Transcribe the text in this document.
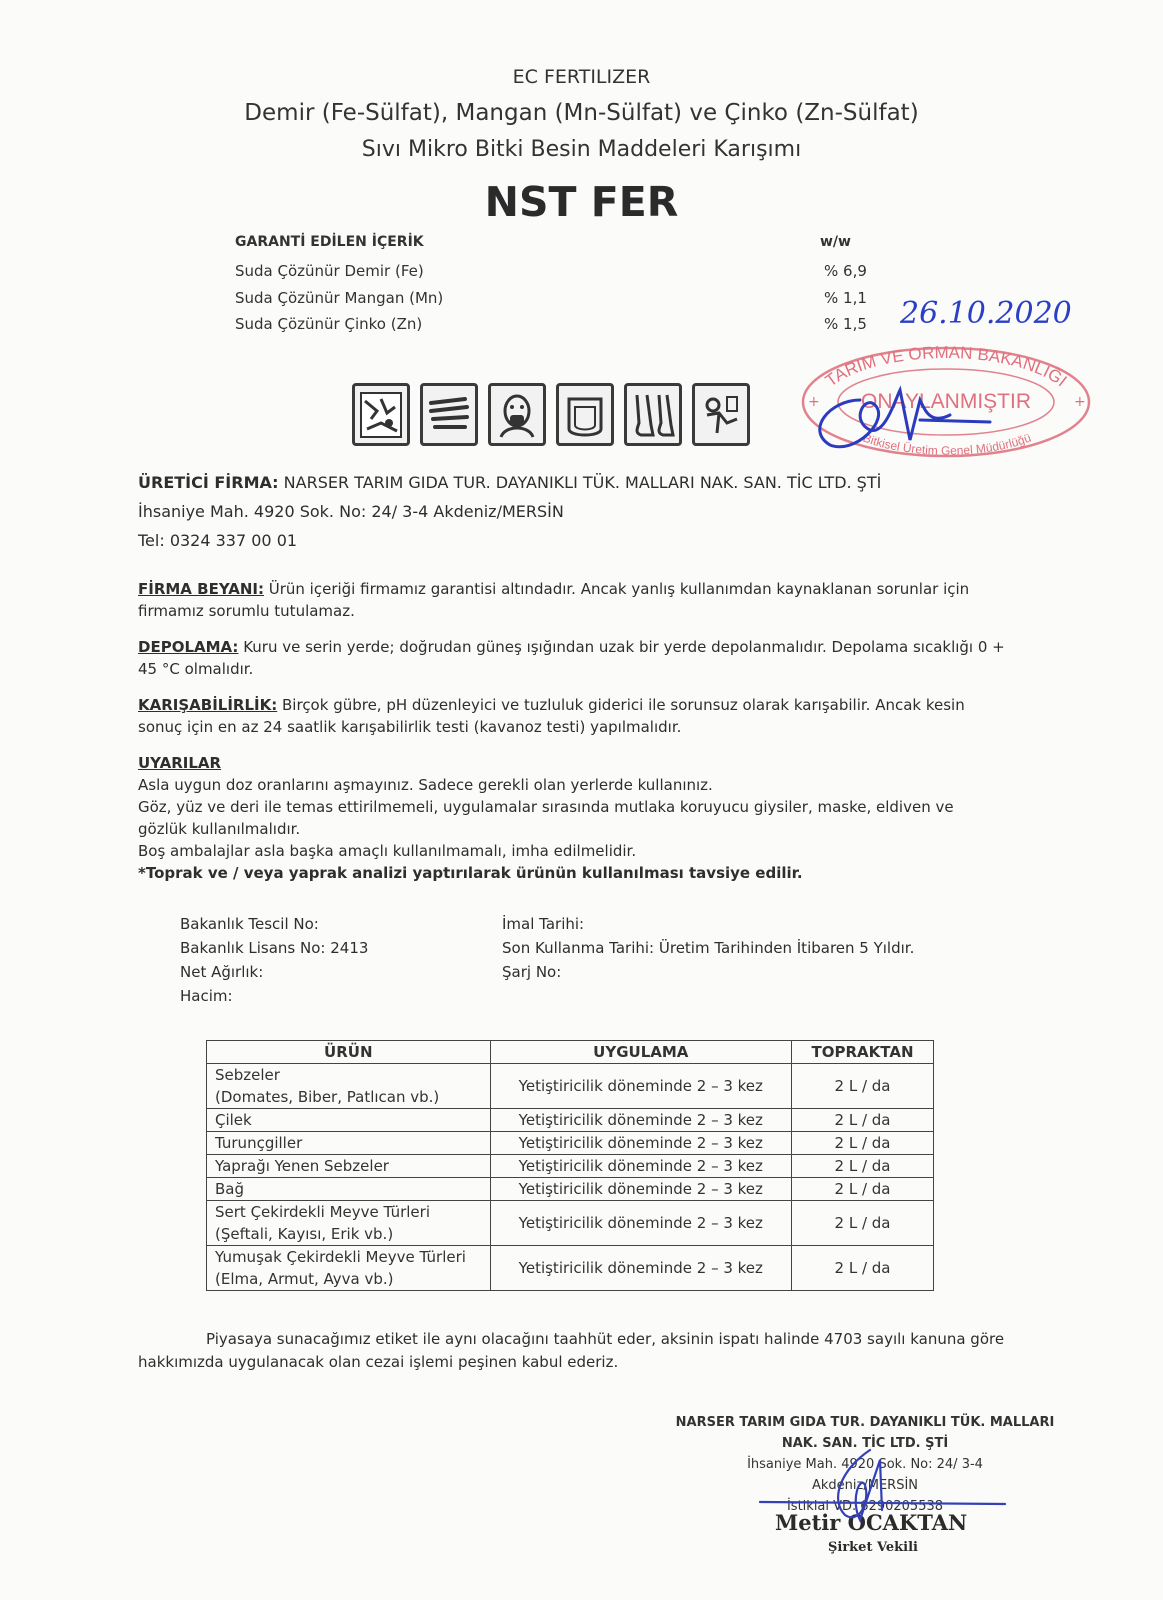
EC FERTILIZER
Demir (Fe-Sülfat), Mangan (Mn-Sülfat) ve Çinko (Zn-Sülfat)
Sıvı Mikro Bitki Besin Maddeleri Karışımı
NST FER
GARANTİ EDİLEN İÇERİK	w/w
Suda Çözünür Demir (Fe)	% 6,9
Suda Çözünür Mangan (Mn)	% 1,1
Suda Çözünür Çinko (Zn)	% 1,5 26.10.2020
TARIM VE ORMAN BAKANLIĞI
ONAYLANMIŞTIR
Bitkisel Üretim Genel Müdürlüğü
+	+
ÜRETİCİ FİRMA: NARSER TARIM GIDA TUR. DAYANIKLI TÜK. MALLARI NAK. SAN. TİC LTD. ŞTİ
İhsaniye Mah. 4920 Sok. No: 24/ 3-4 Akdeniz/MERSİN
Tel: 0324 337 00 01
FİRMA BEYANI: Ürün içeriği firmamız garantisi altındadır. Ancak yanlış kullanımdan kaynaklanan sorunlar için firmamız sorumlu tutulamaz.
DEPOLAMA: Kuru ve serin yerde; doğrudan güneş ışığından uzak bir yerde depolanmalıdır. Depolama sıcaklığı 0 + 45 °C olmalıdır.
KARIŞABİLİRLİK: Birçok gübre, pH düzenleyici ve tuzluluk giderici ile sorunsuz olarak karışabilir. Ancak kesin sonuç için en az 24 saatlik karışabilirlik testi (kavanoz testi) yapılmalıdır.
UYARILAR
Asla uygun doz oranlarını aşmayınız. Sadece gerekli olan yerlerde kullanınız.
Göz, yüz ve deri ile temas ettirilmemeli, uygulamalar sırasında mutlaka koruyucu giysiler, maske, eldiven ve gözlük kullanılmalıdır.
Boş ambalajlar asla başka amaçlı kullanılmamalı, imha edilmelidir.
*Toprak ve / veya yaprak analizi yaptırılarak ürünün kullanılması tavsiye edilir.
Bakanlık Tescil No:
Bakanlık Lisans No: 2413
Net Ağırlık:
Hacim:
İmal Tarihi:
Son Kullanma Tarihi: Üretim Tarihinden İtibaren 5 Yıldır.
Şarj No:
ÜRÜN	UYGULAMA	TOPRAKTAN

Sebzeler
(Domates, Biber, Patlıcan vb.)	Yetiştiricilik döneminde 2 – 3 kez	2 L / da
Çilek	Yetiştiricilik döneminde 2 – 3 kez	2 L / da
Turunçgiller	Yetiştiricilik döneminde 2 – 3 kez	2 L / da
Yaprağı Yenen Sebzeler	Yetiştiricilik döneminde 2 – 3 kez	2 L / da
Bağ	Yetiştiricilik döneminde 2 – 3 kez	2 L / da

Sert Çekirdekli Meyve Türleri
(Şeftali, Kayısı, Erik vb.)	Yetiştiricilik döneminde 2 – 3 kez	2 L / da

Yumuşak Çekirdekli Meyve Türleri
(Elma, Armut, Ayva vb.)	Yetiştiricilik döneminde 2 – 3 kez	2 L / da
Piyasaya sunacağımız etiket ile aynı olacağını taahhüt eder, aksinin ispatı halinde 4703 sayılı kanuna göre
hakkımızda uygulanacak olan cezai işlemi peşinen kabul ederiz.
NARSER TARIM GIDA TUR. DAYANIKLI TÜK. MALLARI
NAK. SAN. TİC LTD. ŞTİ
İhsaniye Mah. 4920 Sok. No: 24/ 3-4
Akdeniz/MERSİN
İstiklal VD. 6290205538
Metir OCAKTAN
Şirket Vekili
